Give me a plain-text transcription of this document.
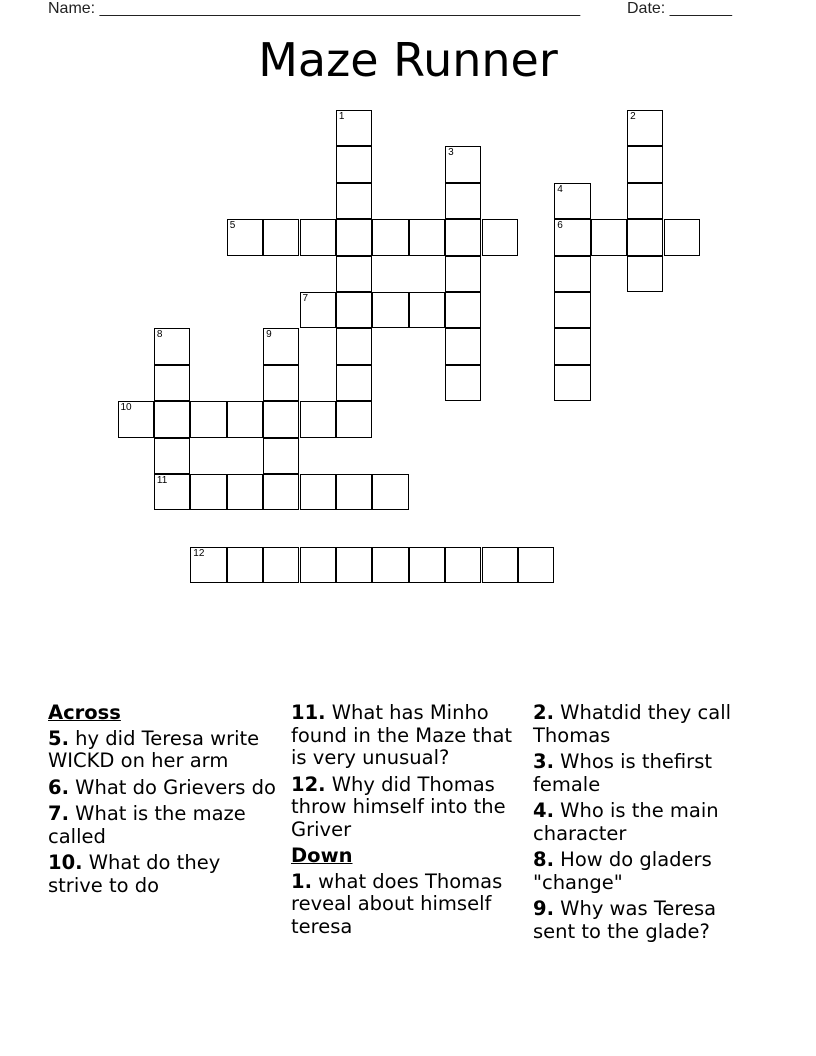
Name: ______________________________________________________	Date: _______
Maze Runner
1	2
3
4
6
5
7
8
11
9
10
12
Across
5. hy did Teresa write WICKD on her arm
6. What do Grievers do
7. What is the maze called
10. What do they strive to do
11. What has Minho found in the Maze that is very unusual?
12. Why did Thomas throw himself into the Griver
Down
1. what does Thomas reveal about himself teresa
2. Whatdid they call Thomas
3. Whos is thefirst female
4. Who is the main character
8. How do gladers "change"
9. Why was Teresa sent to the glade?
